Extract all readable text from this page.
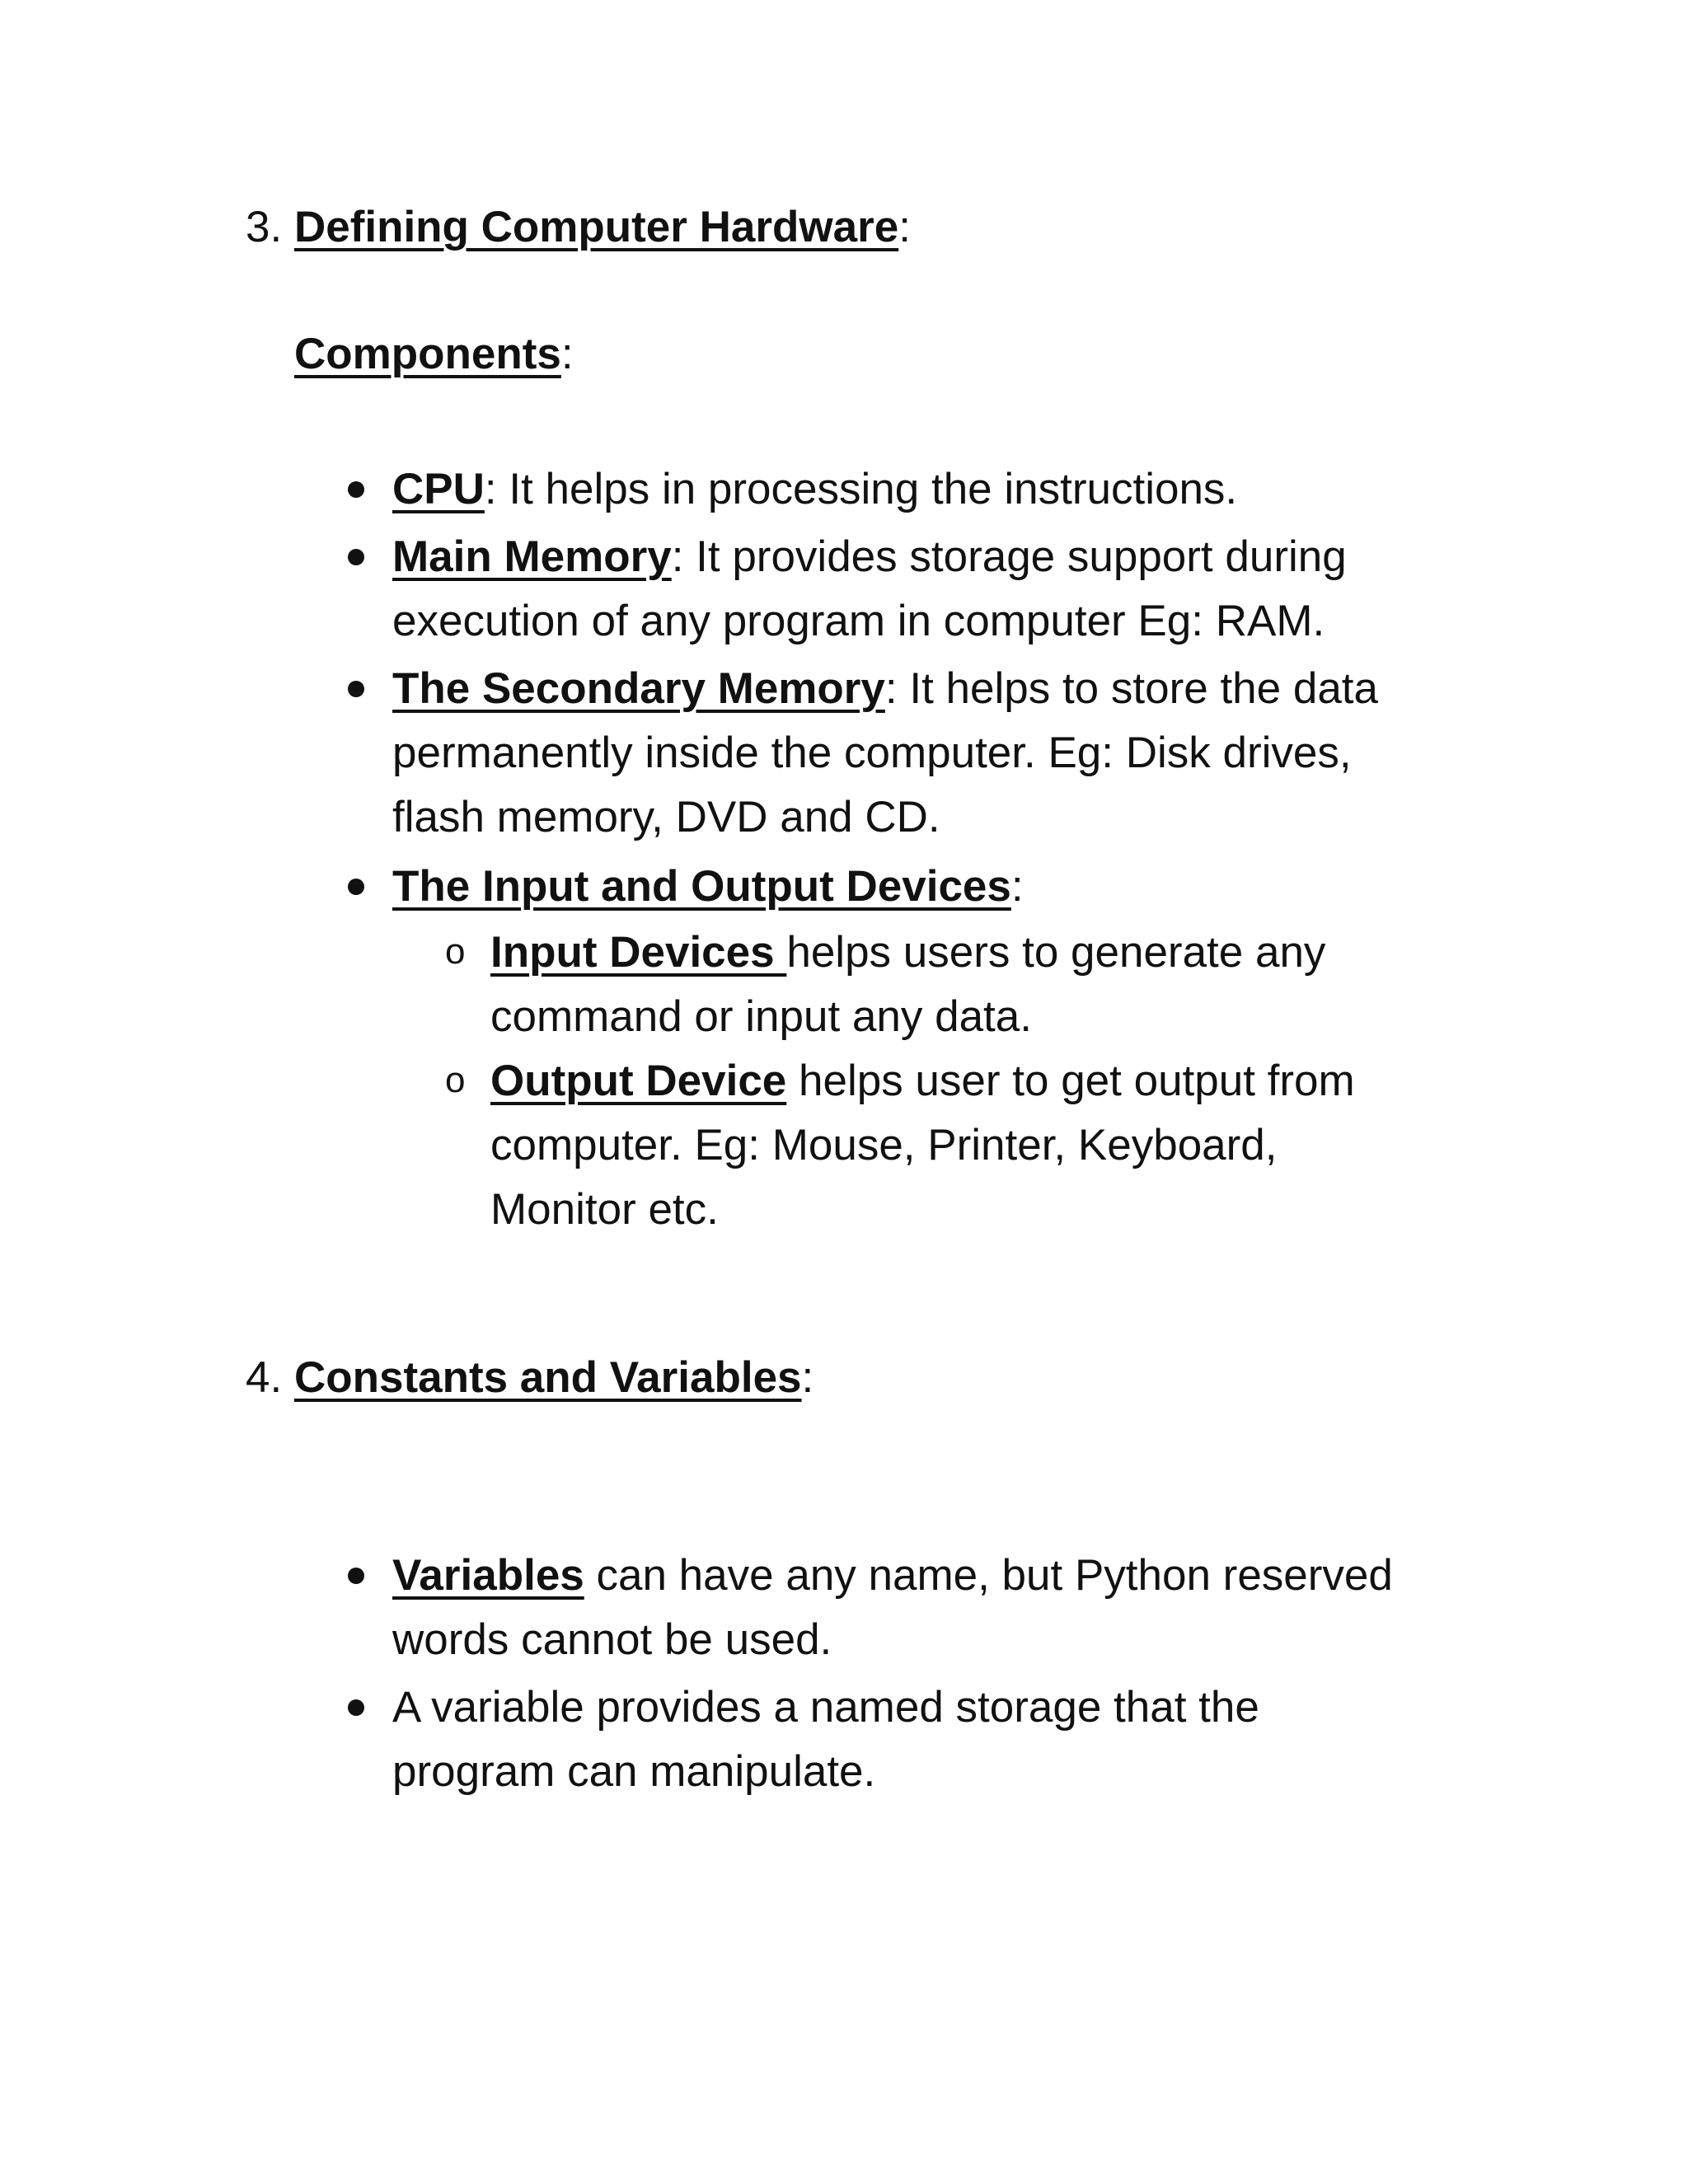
3. Defining Computer Hardware:
Components:
CPU: It helps in processing the instructions.
Main Memory: It provides storage support during
execution of any program in computer Eg: RAM.
The Secondary Memory: It helps to store the data
permanently inside the computer. Eg: Disk drives,
flash memory, DVD and CD.
The Input and Output Devices:
o Input Devices helps users to generate any
command or input any data.
o Output Device helps user to get output from
computer. Eg: Mouse, Printer, Keyboard,
Monitor etc.
4. Constants and Variables:
Variables can have any name, but Python reserved
words cannot be used.
A variable provides a named storage that the
program can manipulate.
